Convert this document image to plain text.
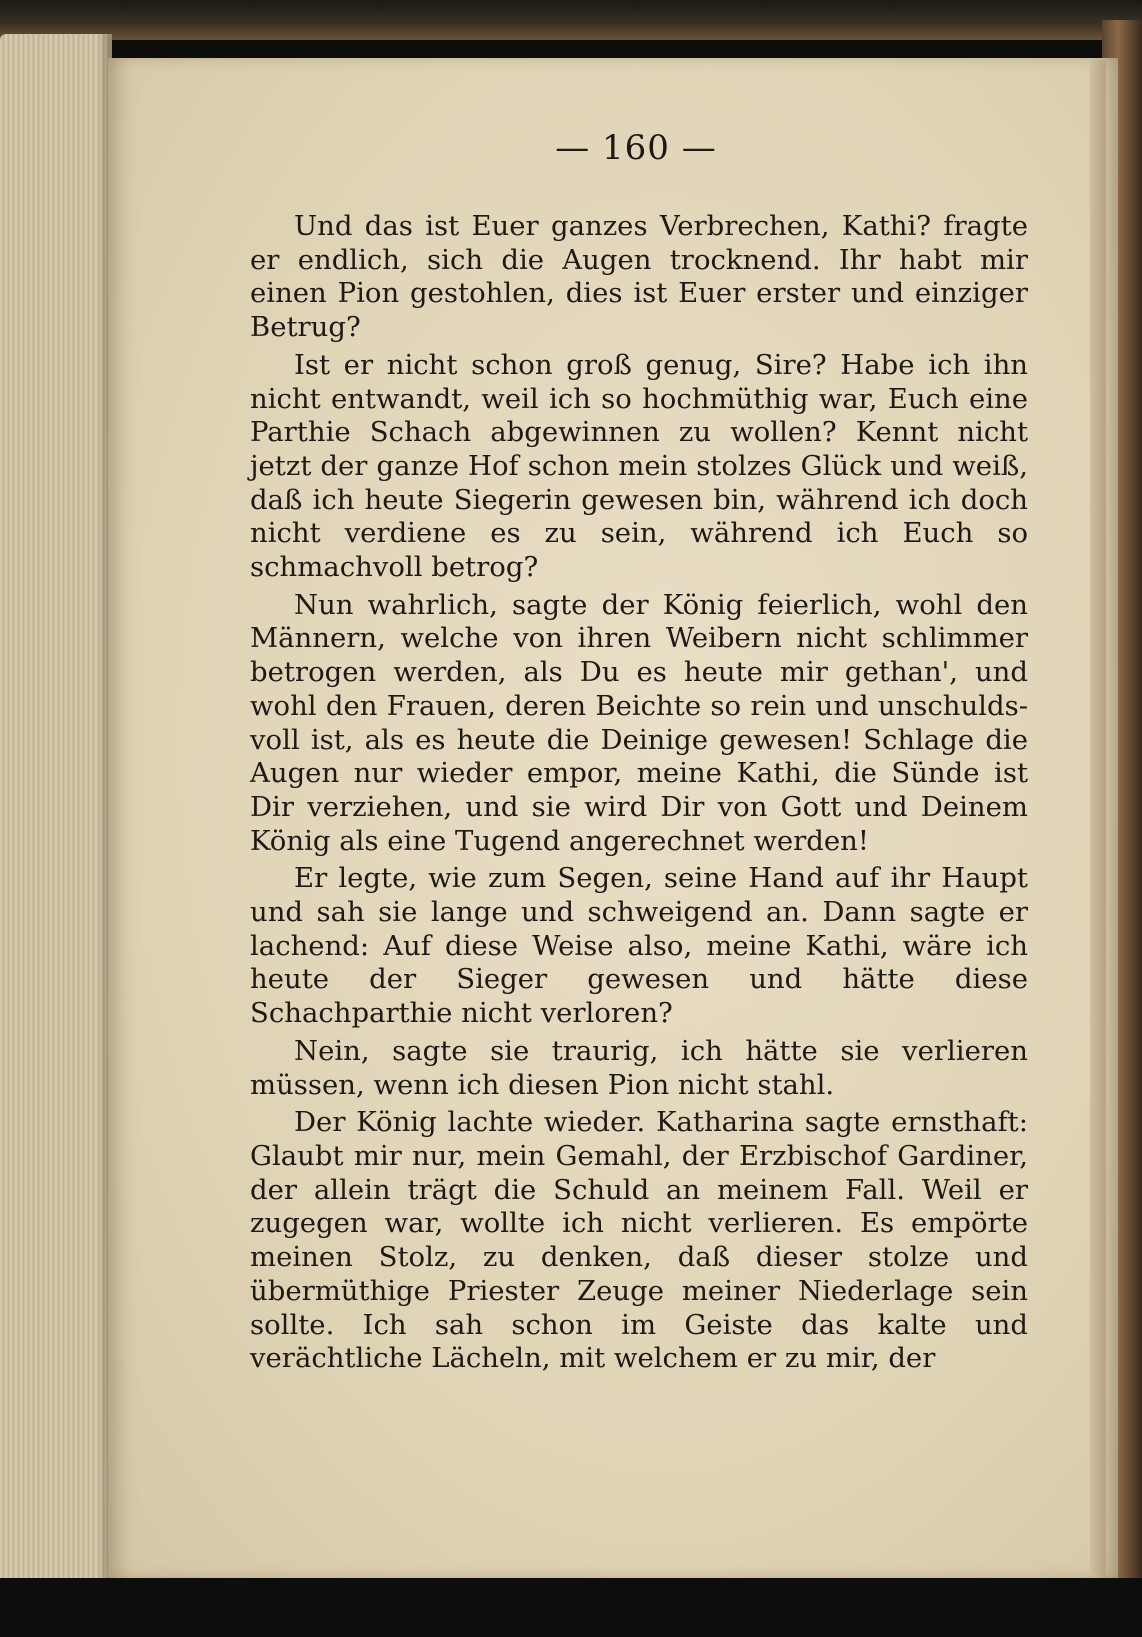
— 160 —

Und das ist Euer ganzes Verbrechen, Kathi? fragte er endlich, sich die Augen trocknend. Ihr habt mir einen Pion gestohlen, dies ist Euer erster und einziger Betrug?

Ist er nicht schon groß genug, Sire? Habe ich ihn nicht entwandt, weil ich so hochmüthig war, Euch eine Parthie Schach abgewinnen zu wollen? Kennt nicht jetzt der ganze Hof schon mein stolzes Glück und weiß, daß ich heute Siegerin gewesen bin, während ich doch nicht verdiene es zu sein, während ich Euch so schmachvoll betrog?

Nun wahrlich, sagte der König feierlich, wohl den Männern, welche von ihren Weibern nicht schlimmer betrogen werden, als Du es heute mir gethan', und wohl den Frauen, deren Beichte so rein und unschuldsvoll ist, als es heute die Deinige gewesen! Schlage die Augen nur wieder empor, meine Kathi, die Sünde ist Dir verziehen, und sie wird Dir von Gott und Deinem König als eine Tugend angerechnet werden!

Er legte, wie zum Segen, seine Hand auf ihr Haupt und sah sie lange und schweigend an. Dann sagte er lachend: Auf diese Weise also, meine Kathi, wäre ich heute der Sieger gewesen und hätte diese Schachparthie nicht verloren?

Nein, sagte sie traurig, ich hätte sie verlieren müssen, wenn ich diesen Pion nicht stahl.

Der König lachte wieder. Katharina sagte ernsthaft: Glaubt mir nur, mein Gemahl, der Erzbischof Gardiner, der allein trägt die Schuld an meinem Fall. Weil er zugegen war, wollte ich nicht verlieren. Es empörte meinen Stolz, zu denken, daß dieser stolze und übermüthige Priester Zeuge meiner Niederlage sein sollte. Ich sah schon im Geiste das kalte und verächtliche Lächeln, mit welchem er zu mir, der
